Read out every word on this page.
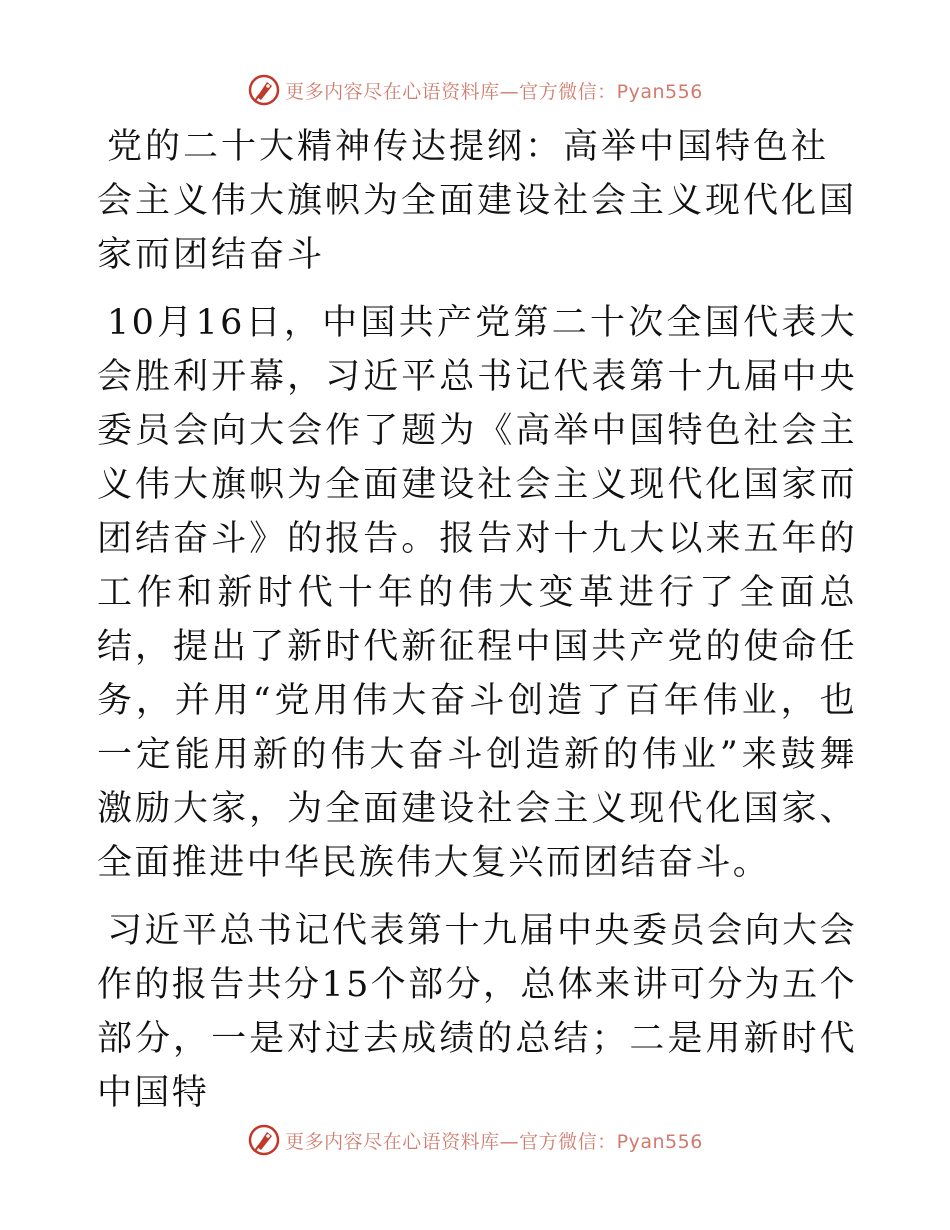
更多内容尽在心语资料库—官方微信：Pyan556
党的二十大精神传达提纲：高举中国特色社会主义伟大旗帜为全面建设社会主义现代化国家而团结奋斗

10月16日，中国共产党第二十次全国代表大会胜利开幕，习近平总书记代表第十九届中央委员会向大会作了题为《高举中国特色社会主义伟大旗帜为全面建设社会主义现代化国家而团结奋斗》的报告。报告对十九大以来五年的工作和新时代十年的伟大变革进行了全面总结，提出了新时代新征程中国共产党的使命任务，并用“党用伟大奋斗创造了百年伟业，也一定能用新的伟大奋斗创造新的伟业”来鼓舞激励大家，为全面建设社会主义现代化国家、全面推进中华民族伟大复兴而团结奋斗。

习近平总书记代表第十九届中央委员会向大会作的报告共分15个部分，总体来讲可分为五个部分，一是对过去成绩的总结；二是用新时代中国特

更多内容尽在心语资料库—官方微信：Pyan556
